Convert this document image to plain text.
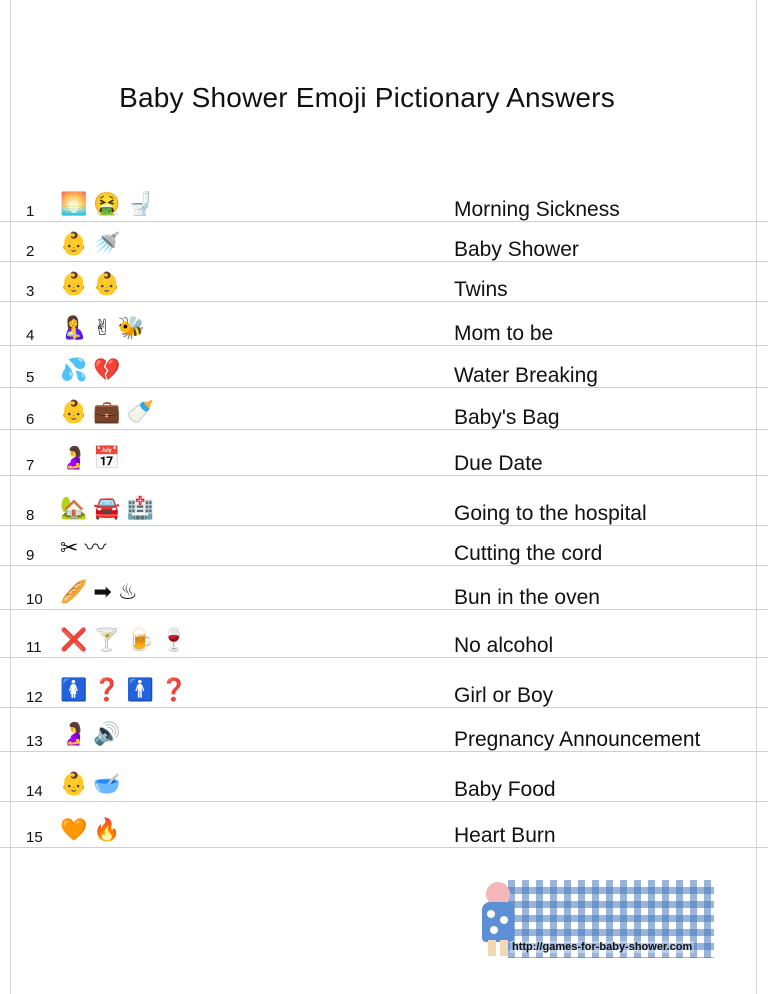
Baby Shower Emoji Pictionary Answers
1 🌅🤮🚽	Morning Sickness
2 👶🚿	Baby Shower
3 👶👶	Twins
4 🤱✌🐝	Mom to be
5 💦💔	Water Breaking
6 👶💼🍼	Baby's Bag
7 🤰📅	Due Date
8 🏡🚘🏥	Going to the hospital
9 ✂〰	Cutting the cord
10 🥖➡♨	Bun in the oven
11 ❌🍸🍺🍷	No alcohol
12 🚺❓🚹❓	Girl or Boy
13 🤰🔊	Pregnancy Announcement
14 👶🥣	Baby Food
15 🧡🔥	Heart Burn
http://games-for-baby-shower.com
